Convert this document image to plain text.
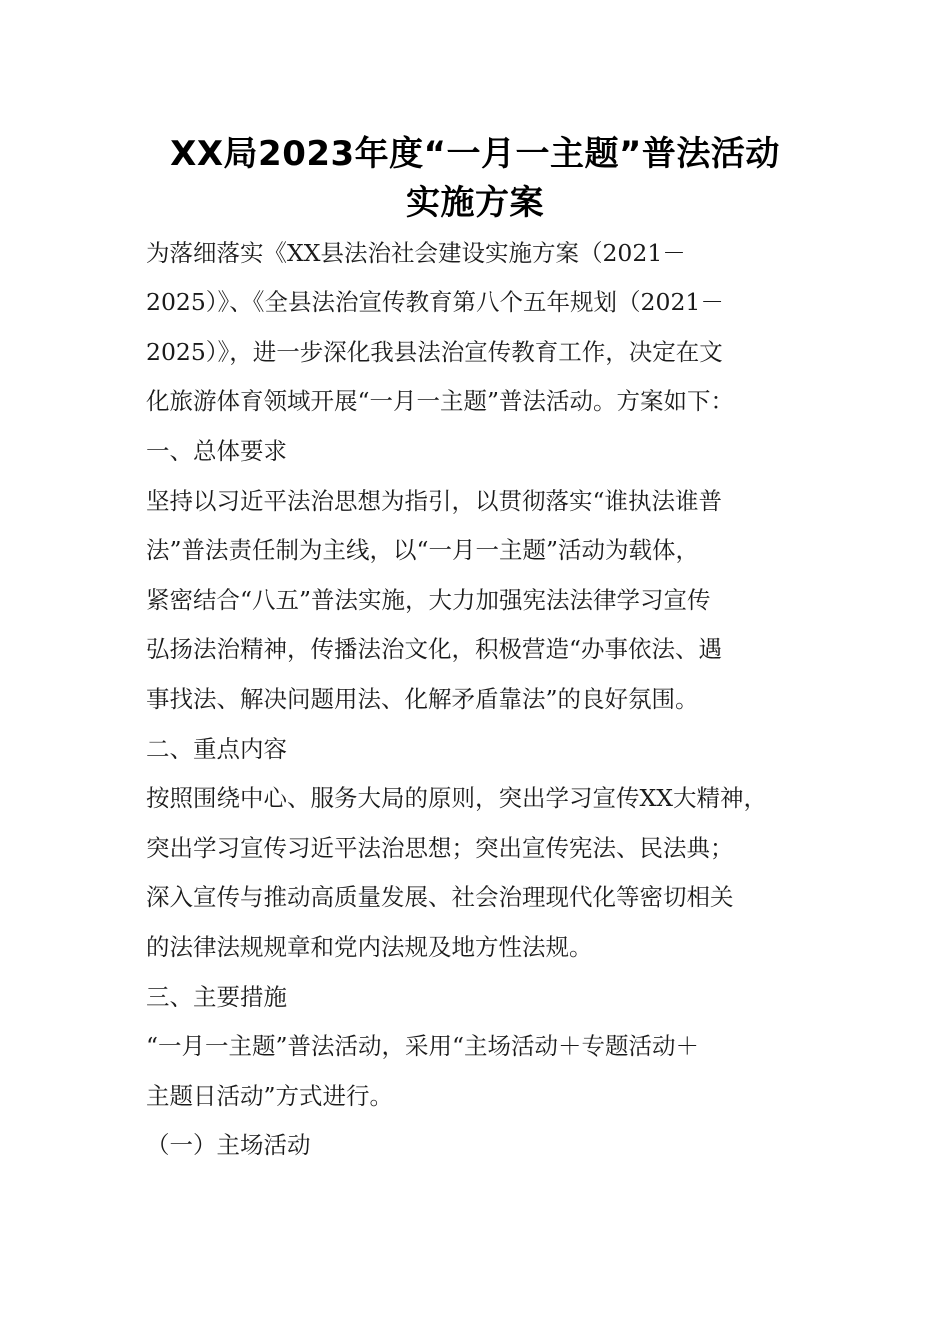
XX局2023年度“一月一主题”普法活动
实施方案
为落细落实《XX县法治社会建设实施方案（2021－
2025）》、《全县法治宣传教育第八个五年规划（2021－
2025）》，进一步深化我县法治宣传教育工作，决定在文
化旅游体育领域开展“一月一主题”普法活动。方案如下：
一、总体要求
坚持以习近平法治思想为指引，以贯彻落实“谁执法谁普
法”普法责任制为主线，以“一月一主题”活动为载体，
紧密结合“八五”普法实施，大力加强宪法法律学习宣传
弘扬法治精神，传播法治文化，积极营造“办事依法、遇
事找法、解决问题用法、化解矛盾靠法”的良好氛围。
二、重点内容
按照围绕中心、服务大局的原则，突出学习宣传XX大精神，
突出学习宣传习近平法治思想；突出宣传宪法、民法典；
深入宣传与推动高质量发展、社会治理现代化等密切相关
的法律法规规章和党内法规及地方性法规。
三、主要措施
“一月一主题”普法活动，采用“主场活动＋专题活动＋
主题日活动”方式进行。
（一）主场活动
